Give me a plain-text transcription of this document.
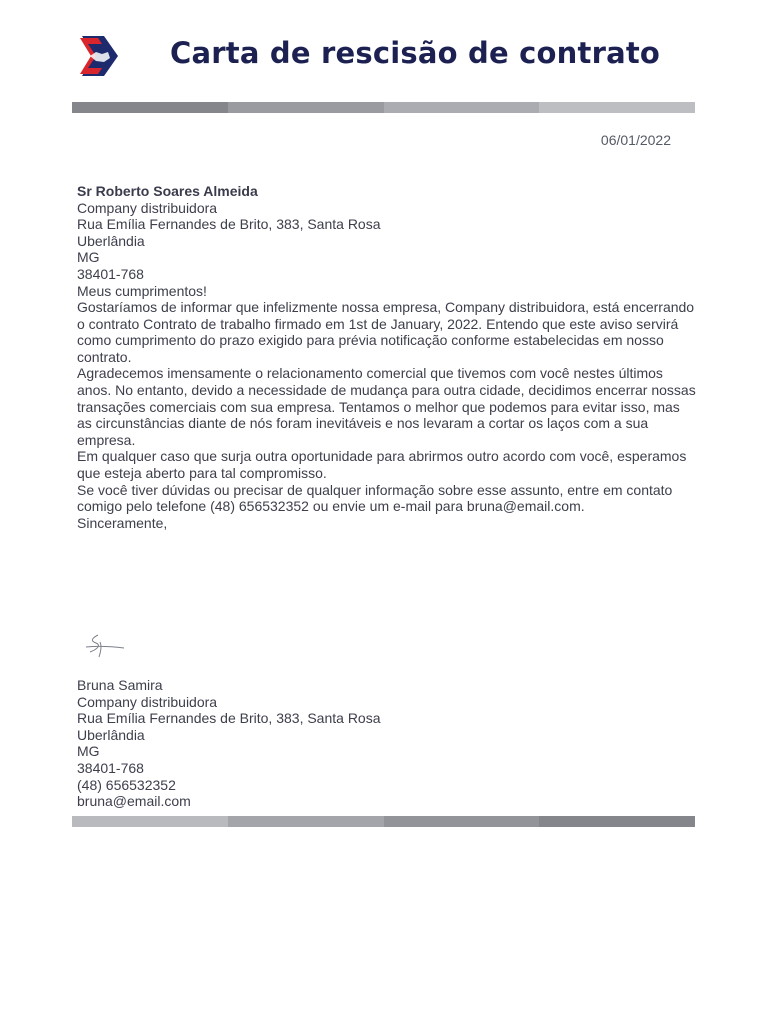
Carta de rescisão de contrato
06/01/2022
Sr Roberto Soares Almeida
Company distribuidora
Rua Emília Fernandes de Brito, 383, Santa Rosa
Uberlândia
MG
38401-768
Meus cumprimentos!

Gostaríamos de informar que infelizmente nossa empresa, Company distribuidora, está encerrando o contrato Contrato de trabalho firmado em 1st de January, 2022. Entendo que este aviso servirá como cumprimento do prazo exigido para prévia notificação conforme estabelecidas em nosso contrato.

Agradecemos imensamente o relacionamento comercial que tivemos com você nestes últimos anos. No entanto, devido a necessidade de mudança para outra cidade, decidimos encerrar nossas transações comerciais com sua empresa. Tentamos o melhor que podemos para evitar isso, mas as circunstâncias diante de nós foram inevitáveis e nos levaram a cortar os laços com a sua empresa.

Em qualquer caso que surja outra oportunidade para abrirmos outro acordo com você, esperamos que esteja aberto para tal compromisso.

Se você tiver dúvidas ou precisar de qualquer informação sobre esse assunto, entre em contato comigo pelo telefone (48) 656532352 ou envie um e-mail para bruna@email.com.

Sinceramente,

Bruna Samira
Company distribuidora
Rua Emília Fernandes de Brito, 383, Santa Rosa
Uberlândia
MG
38401-768
(48) 656532352
bruna@email.com
